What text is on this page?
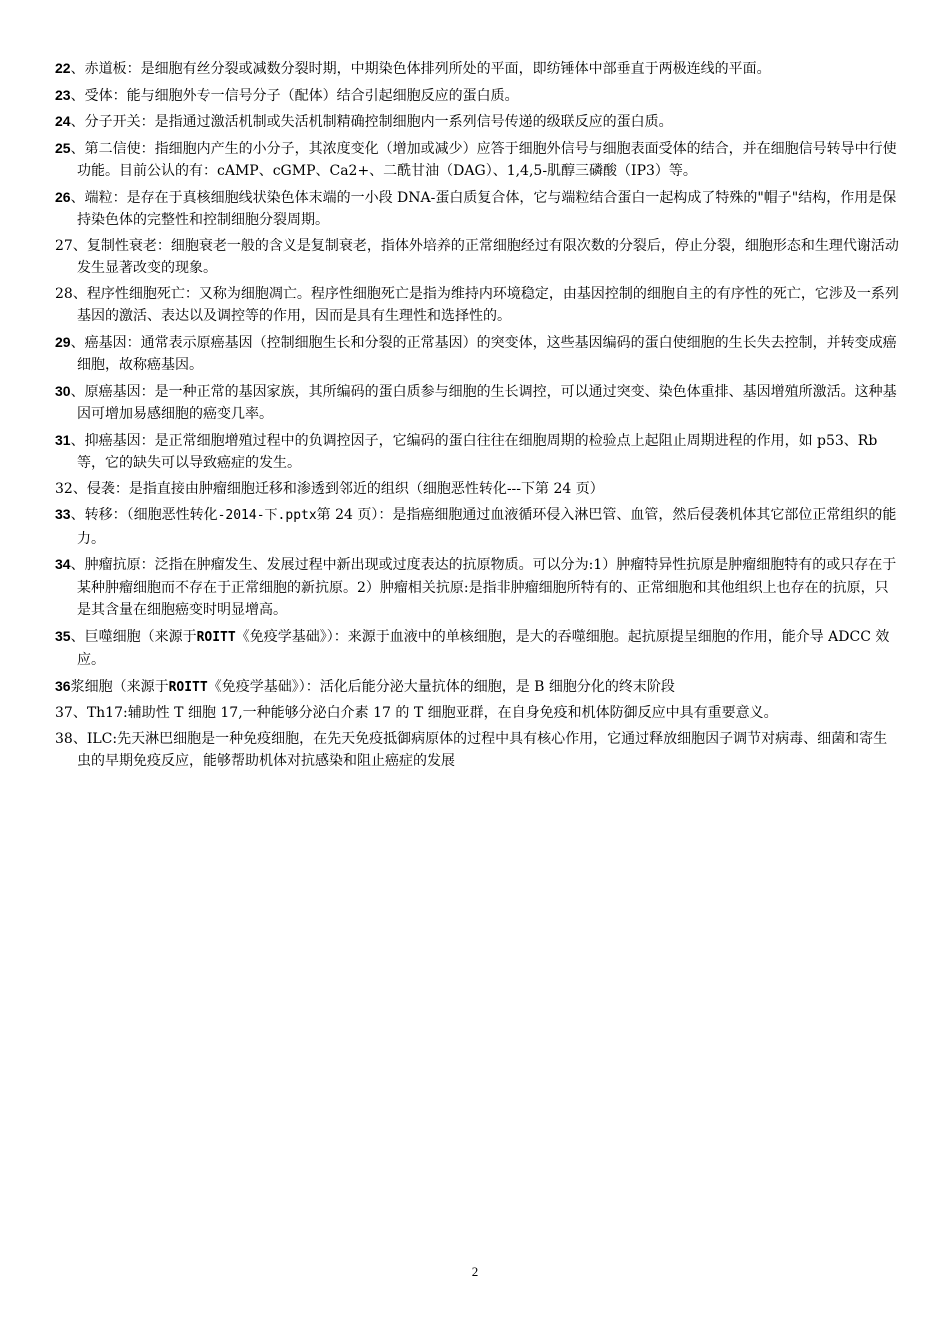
22、赤道板：是细胞有丝分裂或减数分裂时期，中期染色体排列所处的平面，即纺锤体中部垂直于两极连线的平面。

23、受体：能与细胞外专一信号分子（配体）结合引起细胞反应的蛋白质。

24、分子开关：是指通过激活机制或失活机制精确控制细胞内一系列信号传递的级联反应的蛋白质。

25、第二信使：指细胞内产生的小分子，其浓度变化（增加或减少）应答于细胞外信号与细胞表面受体的结合，并在细胞信号转导中行使功能。目前公认的有：cAMP、cGMP、Ca2+、二酰甘油（DAG）、1,4,5-肌醇三磷酸（IP3）等。

26、端粒：是存在于真核细胞线状染色体末端的一小段 DNA-蛋白质复合体，它与端粒结合蛋白一起构成了特殊的"帽子"结构，作用是保持染色体的完整性和控制细胞分裂周期。

27、复制性衰老：细胞衰老一般的含义是复制衰老，指体外培养的正常细胞经过有限次数的分裂后，停止分裂，细胞形态和生理代谢活动发生显著改变的现象。

28、程序性细胞死亡：又称为细胞凋亡。程序性细胞死亡是指为维持内环境稳定，由基因控制的细胞自主的有序性的死亡，它涉及一系列基因的激活、表达以及调控等的作用，因而是具有生理性和选择性的。

29、癌基因：通常表示原癌基因（控制细胞生长和分裂的正常基因）的突变体，这些基因编码的蛋白使细胞的生长失去控制，并转变成癌细胞，故称癌基因。

30、原癌基因：是一种正常的基因家族，其所编码的蛋白质参与细胞的生长调控，可以通过突变、染色体重排、基因增殖所激活。这种基因可增加易感细胞的癌变几率。

31、抑癌基因：是正常细胞增殖过程中的负调控因子，它编码的蛋白往往在细胞周期的检验点上起阻止周期进程的作用，如 p53、Rb 等，它的缺失可以导致癌症的发生。

32、侵袭：是指直接由肿瘤细胞迁移和渗透到邻近的组织（细胞恶性转化---下第 24 页）

33、转移：（细胞恶性转化-2014-下.pptx第 24 页）：是指癌细胞通过血液循环侵入淋巴管、血管，然后侵袭机体其它部位正常组织的能力。

34、肿瘤抗原：泛指在肿瘤发生、发展过程中新出现或过度表达的抗原物质。可以分为:1）肿瘤特异性抗原是肿瘤细胞特有的或只存在于某种肿瘤细胞而不存在于正常细胞的新抗原。2）肿瘤相关抗原:是指非肿瘤细胞所特有的、正常细胞和其他组织上也存在的抗原，只是其含量在细胞癌变时明显增高。

35、巨噬细胞（来源于ROITT《免疫学基础》）：来源于血液中的单核细胞，是大的吞噬细胞。起抗原提呈细胞的作用，能介导 ADCC 效应。

36浆细胞（来源于ROITT《免疫学基础》）：活化后能分泌大量抗体的细胞，是 B 细胞分化的终末阶段

37、Th17:辅助性 T 细胞 17,一种能够分泌白介素 17 的 T 细胞亚群，在自身免疫和机体防御反应中具有重要意义。

38、ILC:先天淋巴细胞是一种免疫细胞，在先天免疫抵御病原体的过程中具有核心作用，它通过释放细胞因子调节对病毒、细菌和寄生虫的早期免疫反应，能够帮助机体对抗感染和阻止癌症的发展

2
